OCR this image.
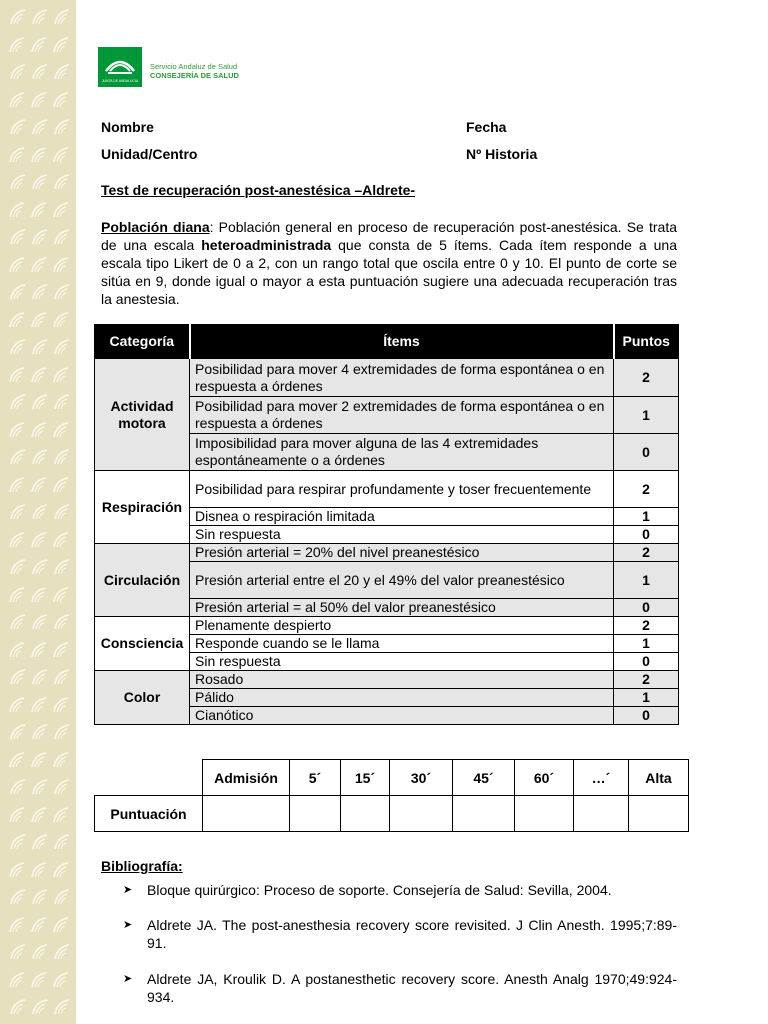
JUNTA DE ANDALUCIA
Servicio Andaluz de Salud
CONSEJERÍA DE SALUD
Nombre	Fecha
Unidad/Centro	Nº Historia
Test de recuperación post-anestésica –Aldrete-
Población diana: Población general en proceso de recuperación post-anestésica. Se trata de una escala heteroadministrada que consta de 5 ítems. Cada ítem responde a una escala tipo Likert de 0 a 2, con un rango total que oscila entre 0 y 10. El punto de corte se sitúa en 9, donde igual o mayor a esta puntuación sugiere una adecuada recuperación tras la anestesia.
Categoría	Ítems	Puntos
Actividad motora	Posibilidad para mover 4 extremidades de forma espontánea o en respuesta a órdenes	2
	Posibilidad para mover 2 extremidades de forma espontánea o en respuesta a órdenes	1
	Imposibilidad para mover alguna de las 4 extremidades espontáneamente o a órdenes	0
Respiración	Posibilidad para respirar profundamente y toser frecuentemente	2
	Disnea o respiración limitada	1
	Sin respuesta	0
Circulación	Presión arterial = 20% del nivel preanestésico	2
	Presión arterial entre el 20 y el 49% del valor preanestésico	1
	Presión arterial = al 50% del valor preanestésico	0
Consciencia	Plenamente despierto	2
	Responde cuando se le llama	1
	Sin respuesta	0
Color	Rosado	2
	Pálido	1
	Cianótico	0
	Admisión	5´	15´	30´	45´	60´	…´	Alta
Puntuación								
Bibliografía:
➤ Bloque quirúrgico: Proceso de soporte. Consejería de Salud: Sevilla, 2004.
➤ Aldrete JA. The post-anesthesia recovery score revisited. J Clin Anesth. 1995;7:89-91.
➤ Aldrete JA, Kroulik D. A postanesthetic recovery score. Anesth Analg 1970;49:924-934.
